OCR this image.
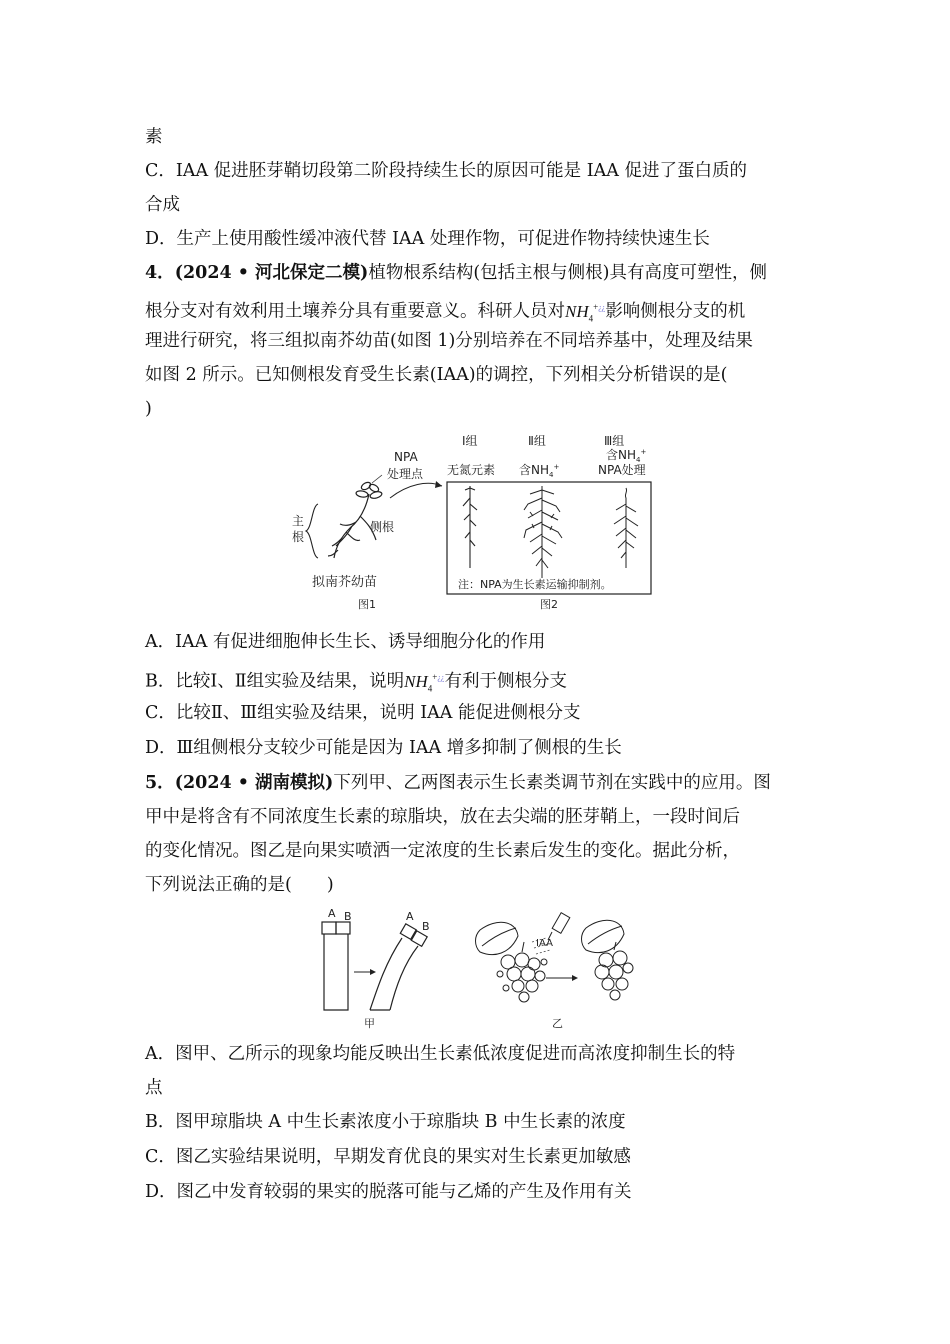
素
C．IAA 促进胚芽鞘切段第二阶段持续生长的原因可能是 IAA 促进了蛋白质的
合成
D．生产上使用酸性缓冲液代替 IAA 处理作物，可促进作物持续快速生长
4．(2024 • 河北保定二模)植物根系结构(包括主根与侧根)具有高度可塑性，侧
根分支对有效利用土壤养分具有重要意义。科研人员对$NH_4^{+¿¿}$影响侧根分支的机
理进行研究，将三组拟南芥幼苗(如图 1)分别培养在不同培养基中，处理及结果
如图 2 所示。已知侧根发育受生长素(IAA)的调控，下列相关分析错误的是(
)
NPA
处理点
主
根
侧根
拟南芥幼苗
图1
Ⅰ组	Ⅱ组	Ⅲ组
无氮元素 含$NH_4^+$
含$NH_4^+$
NPA处理
注：NPA为生长素运输抑制剂。
图2
A．IAA 有促进细胞伸长生长、诱导细胞分化的作用
B．比较Ⅰ、Ⅱ组实验及结果，说明$NH_4^{+¿¿}$有利于侧根分支
C．比较Ⅱ、Ⅲ组实验及结果，说明 IAA 能促进侧根分支
D．Ⅲ组侧根分支较少可能是因为 IAA 增多抑制了侧根的生长
5．(2024 • 湖南模拟)下列甲、乙两图表示生长素类调节剂在实践中的应用。图
甲中是将含有不同浓度生长素的琼脂块，放在去尖端的胚芽鞘上，一段时间后
的变化情况。图乙是向果实喷洒一定浓度的生长素后发生的变化。据此分析，
下列说法正确的是(　　)
A B	A
B
甲
IAA
乙
A．图甲、乙所示的现象均能反映出生长素低浓度促进而高浓度抑制生长的特
点
B．图甲琼脂块 A 中生长素浓度小于琼脂块 B 中生长素的浓度
C．图乙实验结果说明，早期发育优良的果实对生长素更加敏感
D．图乙中发育较弱的果实的脱落可能与乙烯的产生及作用有关
